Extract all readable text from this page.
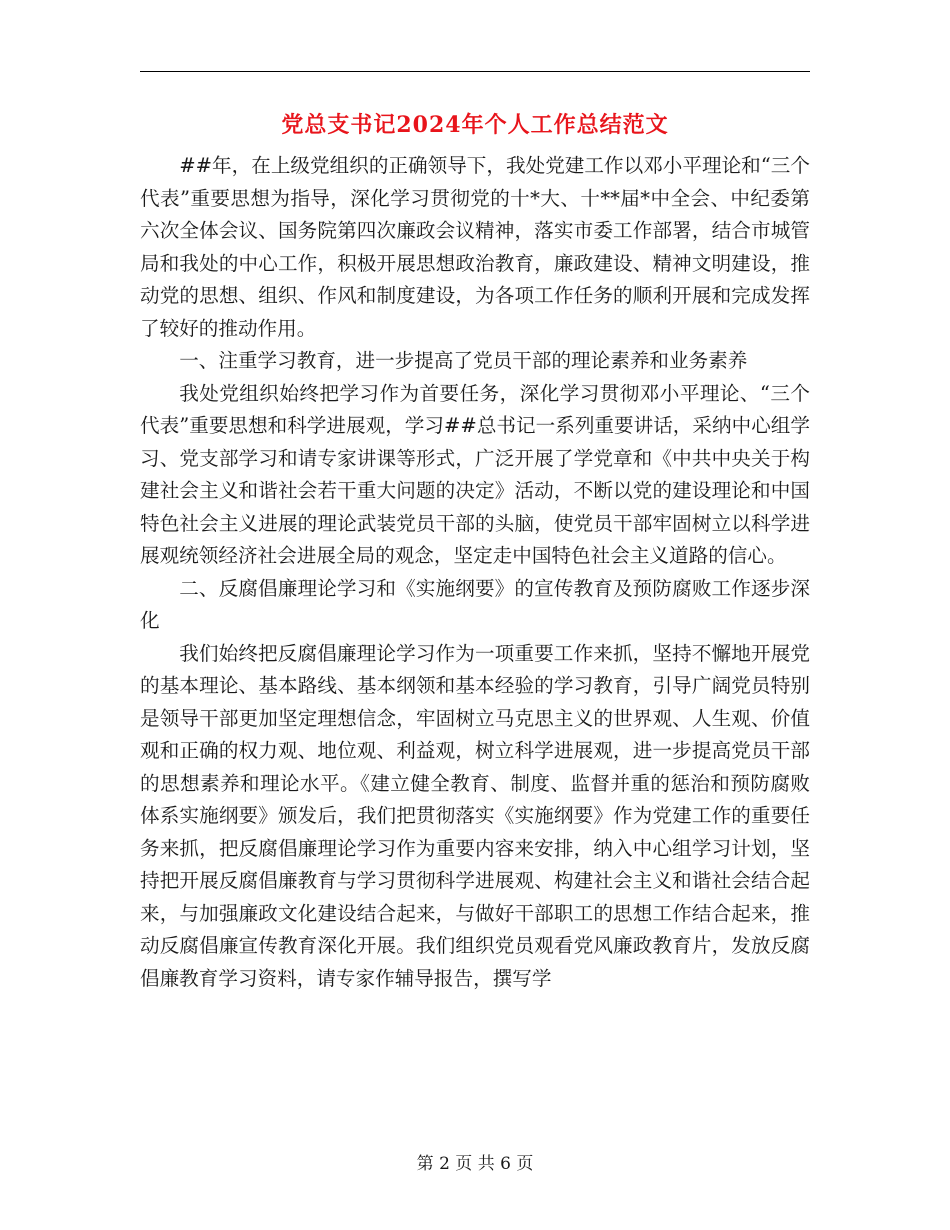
党总支书记2024年个人工作总结范文

##年，在上级党组织的正确领导下，我处党建工作以邓小平理论和“三个代表”重要思想为指导，深化学习贯彻党的十*大、十**届*中全会、中纪委第六次全体会议、国务院第四次廉政会议精神，落实市委工作部署，结合市城管局和我处的中心工作，积极开展思想政治教育，廉政建设、精神文明建设，推动党的思想、组织、作风和制度建设，为各项工作任务的顺利开展和完成发挥了较好的推动作用。

一、注重学习教育，进一步提高了党员干部的理论素养和业务素养

我处党组织始终把学习作为首要任务，深化学习贯彻邓小平理论、“三个代表”重要思想和科学进展观，学习##总书记一系列重要讲话，采纳中心组学习、党支部学习和请专家讲课等形式，广泛开展了学党章和《中共中央关于构建社会主义和谐社会若干重大问题的决定》活动，不断以党的建设理论和中国特色社会主义进展的理论武装党员干部的头脑，使党员干部牢固树立以科学进展观统领经济社会进展全局的观念，坚定走中国特色社会主义道路的信心。

二、反腐倡廉理论学习和《实施纲要》的宣传教育及预防腐败工作逐步深化

我们始终把反腐倡廉理论学习作为一项重要工作来抓，坚持不懈地开展党的基本理论、基本路线、基本纲领和基本经验的学习教育，引导广阔党员特别是领导干部更加坚定理想信念，牢固树立马克思主义的世界观、人生观、价值观和正确的权力观、地位观、利益观，树立科学进展观，进一步提高党员干部的思想素养和理论水平。《建立健全教育、制度、监督并重的惩治和预防腐败体系实施纲要》颁发后，我们把贯彻落实《实施纲要》作为党建工作的重要任务来抓，把反腐倡廉理论学习作为重要内容来安排，纳入中心组学习计划，坚持把开展反腐倡廉教育与学习贯彻科学进展观、构建社会主义和谐社会结合起来，与加强廉政文化建设结合起来，与做好干部职工的思想工作结合起来，推动反腐倡廉宣传教育深化开展。我们组织党员观看党风廉政教育片，发放反腐倡廉教育学习资料，请专家作辅导报告，撰写学

第 2 页 共 6 页
